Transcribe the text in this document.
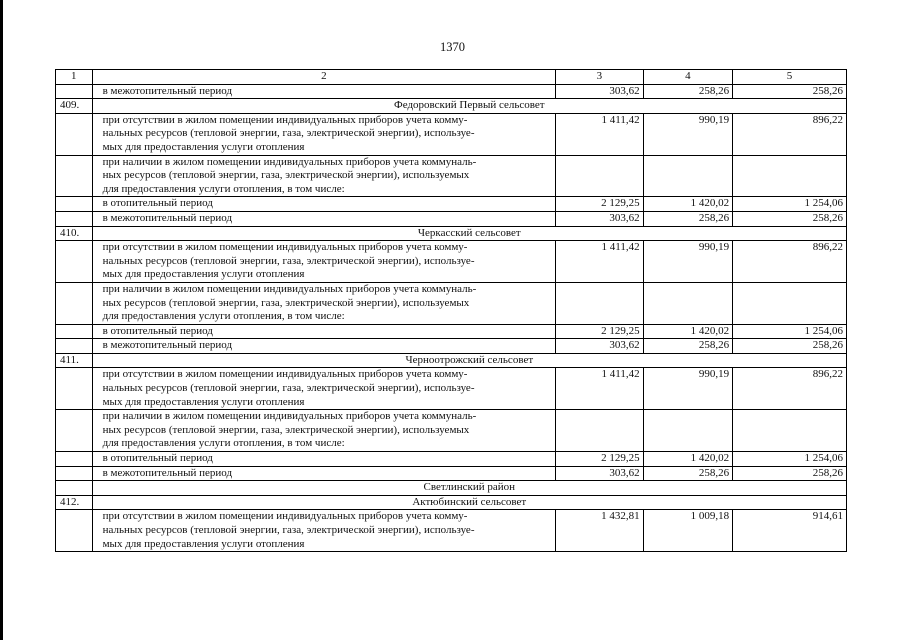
1370
1	2	3	4	5

	в межотопительный период	303,62	258,26	258,26
409.	Федоровский Первый сельсовет			

	при отсутствии в жилом помещении индивидуальных приборов учета комму-
нальных ресурсов (тепловой энергии, газа, электрической энергии), используе-
мых для предоставления услуги отопления	1 411,42	990,19	896,22

	при наличии в жилом помещении индивидуальных приборов учета коммуналь-
ных ресурсов (тепловой энергии, газа, электрической энергии), используемых
для предоставления услуги отопления, в том числе:			

	в отопительный период	2 129,25	1 420,02	1 254,06

	в межотопительный период	303,62	258,26	258,26
410.	Черкасский сельсовет			

	при отсутствии в жилом помещении индивидуальных приборов учета комму-
нальных ресурсов (тепловой энергии, газа, электрической энергии), используе-
мых для предоставления услуги отопления	1 411,42	990,19	896,22

	при наличии в жилом помещении индивидуальных приборов учета коммуналь-
ных ресурсов (тепловой энергии, газа, электрической энергии), используемых
для предоставления услуги отопления, в том числе:			

	в отопительный период	2 129,25	1 420,02	1 254,06

	в межотопительный период	303,62	258,26	258,26
411.	Черноотрожский сельсовет			

	при отсутствии в жилом помещении индивидуальных приборов учета комму-
нальных ресурсов (тепловой энергии, газа, электрической энергии), используе-
мых для предоставления услуги отопления	1 411,42	990,19	896,22

	при наличии в жилом помещении индивидуальных приборов учета коммуналь-
ных ресурсов (тепловой энергии, газа, электрической энергии), используемых
для предоставления услуги отопления, в том числе:			

	в отопительный период	2 129,25	1 420,02	1 254,06

	в межотопительный период	303,62	258,26	258,26
	Светлинский район			
412.	Актюбинский сельсовет			

	при отсутствии в жилом помещении индивидуальных приборов учета комму-
нальных ресурсов (тепловой энергии, газа, электрической энергии), используе-
мых для предоставления услуги отопления	1 432,81	1 009,18	914,61
